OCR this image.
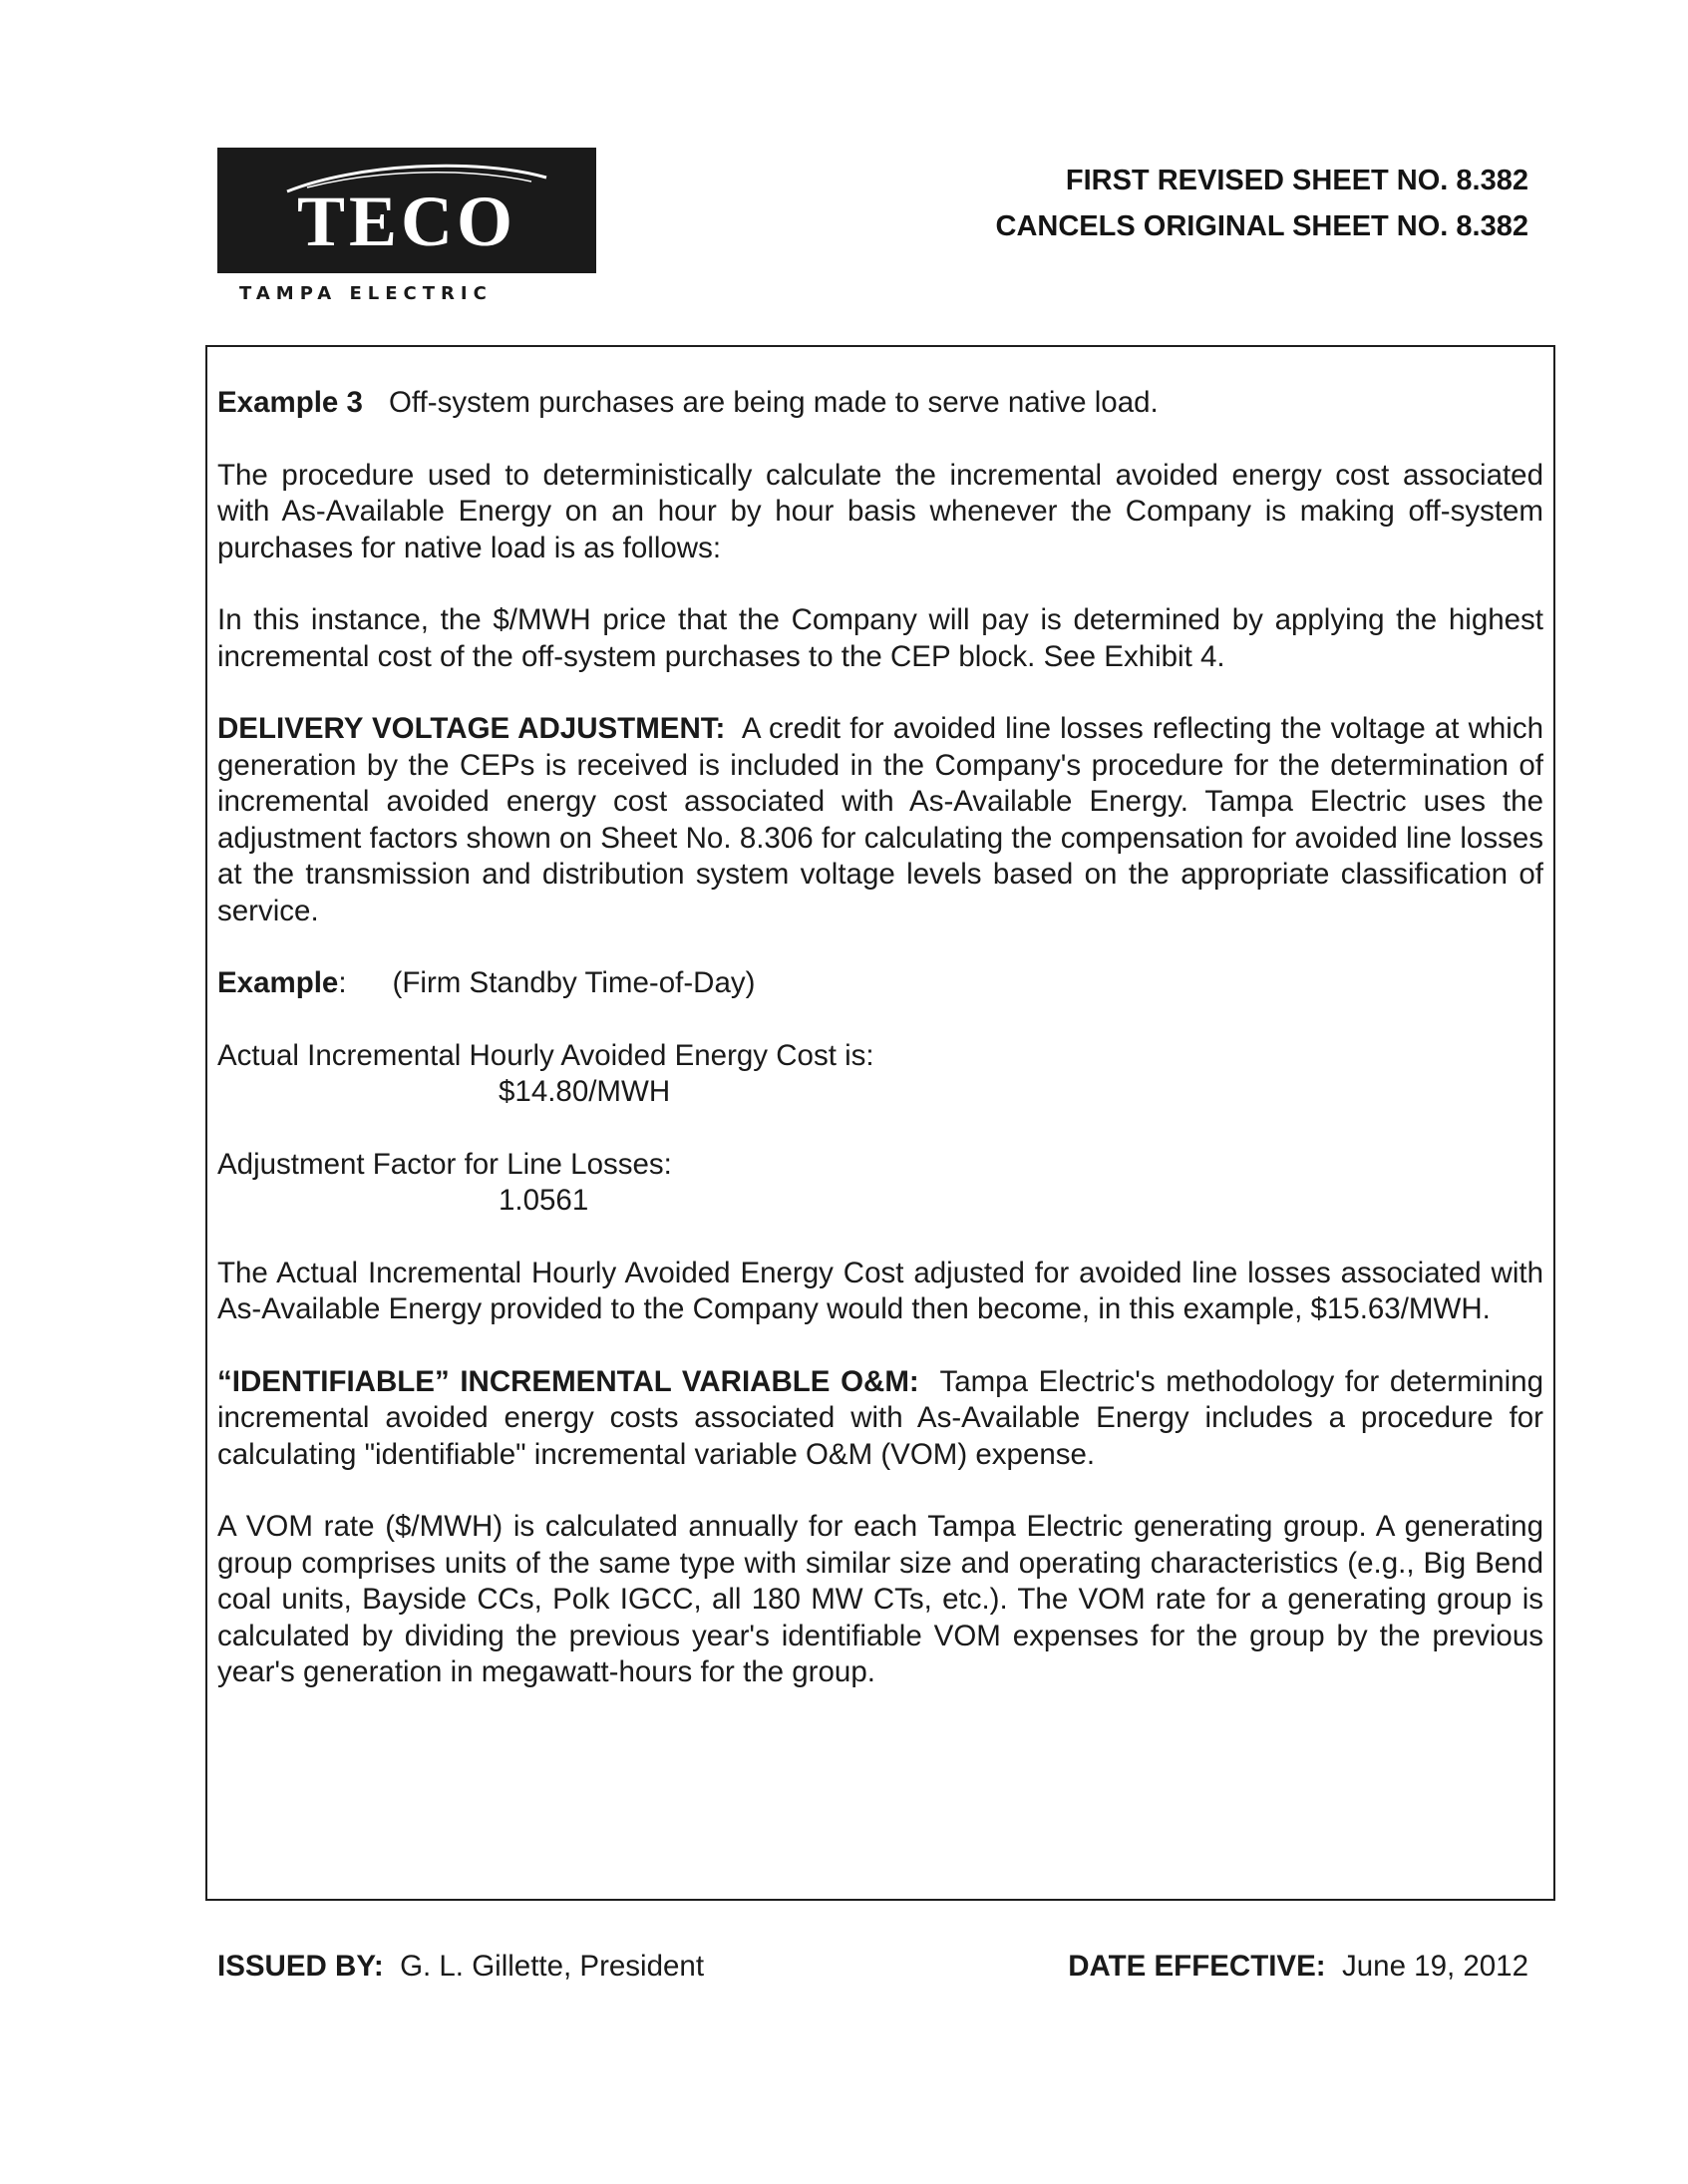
TECO
TAMPA ELECTRIC
FIRST REVISED SHEET NO. 8.382
CANCELS ORIGINAL SHEET NO. 8.382

Example 3 Off-system purchases are being made to serve native load.

The procedure used to deterministically calculate the incremental avoided energy cost associated with As-Available Energy on an hour by hour basis whenever the Company is making off-system purchases for native load is as follows:

In this instance, the $/MWH price that the Company will pay is determined by applying the highest incremental cost of the off-system purchases to the CEP block. See Exhibit 4.

DELIVERY VOLTAGE ADJUSTMENT: A credit for avoided line losses reflecting the voltage at which generation by the CEPs is received is included in the Company's procedure for the determination of incremental avoided energy cost associated with As-Available Energy. Tampa Electric uses the adjustment factors shown on Sheet No. 8.306 for calculating the compensation for avoided line losses at the transmission and distribution system voltage levels based on the appropriate classification of service.

Example: (Firm Standby Time-of-Day)

Actual Incremental Hourly Avoided Energy Cost is:
$14.80/MWH

Adjustment Factor for Line Losses:
1.0561

The Actual Incremental Hourly Avoided Energy Cost adjusted for avoided line losses associated with As-Available Energy provided to the Company would then become, in this example, $15.63/MWH.

“IDENTIFIABLE” INCREMENTAL VARIABLE O&M: Tampa Electric's methodology for determining incremental avoided energy costs associated with As-Available Energy includes a procedure for calculating "identifiable" incremental variable O&M (VOM) expense.

A VOM rate ($/MWH) is calculated annually for each Tampa Electric generating group. A generating group comprises units of the same type with similar size and operating characteristics (e.g., Big Bend coal units, Bayside CCs, Polk IGCC, all 180 MW CTs, etc.). The VOM rate for a generating group is calculated by dividing the previous year's identifiable VOM expenses for the group by the previous year's generation in megawatt-hours for the group.

ISSUED BY: G. L. Gillette, President	DATE EFFECTIVE: June 19, 2012
